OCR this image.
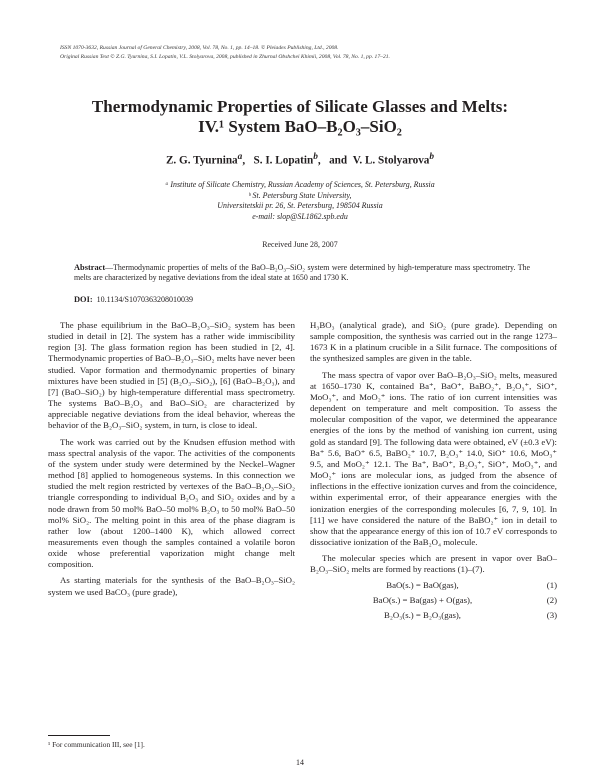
ISSN 1070-3632, Russian Journal of General Chemistry, 2008, Vol. 78, No. 1, pp. 14–18. © Pleiades Publishing, Ltd., 2008.
Original Russian Text © Z.G. Tyurnina, S.I. Lopatin, V.L. Stolyarova, 2008, published in Zhurnal Obshchei Khimii, 2008, Vol. 78, No. 1, pp. 17–21.
Thermodynamic Properties of Silicate Glasses and Melts:
IV.¹ System BaO–B₂O₃–SiO₂
Z. G. Tyurnina$^a$, S. I. Lopatin$^b$, and V. L. Stolyarova$^b$
ᵃ Institute of Silicate Chemistry, Russian Academy of Sciences, St. Petersburg, Russia
ᵇ St. Petersburg State University,
Universitetskii pr. 26, St. Petersburg, 198504 Russia
e-mail: slop@SL1862.spb.edu
Received June 28, 2007
Abstract—Thermodynamic properties of melts of the BaO–B₂O₃–SiO₂ system were determined by high-temperature mass spectrometry. The melts are characterized by negative deviations from the ideal state at 1650 and 1730 K.
DOI: 10.1134/S1070363208010039

The phase equilibrium in the BaO–B₂O₃–SiO₂ system has been studied in detail in [2]. The system has a rather wide immiscibility region [3]. The glass formation region has been studied in [2, 4]. Thermodynamic properties of BaO–B₂O₃–SiO₂ melts have never been studied. Vapor formation and thermodynamic properties of binary mixtures have been studied in [5] (B₂O₃–SiO₂), [6] (BaO–B₂O₃), and [7] (BaO–SiO₂) by high-temperature differential mass spectrometry. The systems BaO–B₂O₃ and BaO–SiO₂ are characterized by appreciable negative deviations from the ideal behavior, whereas the behavior of the B₂O₃–SiO₂ system, in turn, is close to ideal.

The work was carried out by the Knudsen effusion method with mass spectral analysis of the vapor. The activities of the components of the system under study were determined by the Neckel–Wagner method [8] applied to homogeneous systems. In this connection we studied the melt region restricted by vertexes of the BaO–B₂O₃–SiO₂ triangle corresponding to individual B₂O₃ and SiO₂ oxides and by a node drawn from 50 mol% BaO–50 mol% B₂O₃ to 50 mol% BaO–50 mol% SiO₂. The melting point in this area of the phase diagram is rather low (about 1200–1400 K), which allowed correct measurements even though the samples contained a volatile boron oxide whose preferential vaporization might change melt composition.

As starting materials for the synthesis of the BaO–B₂O₃–SiO₂ system we used BaCO₃ (pure grade),

H₃BO₃ (analytical grade), and SiO₂ (pure grade). Depending on sample composition, the synthesis was carried out in the range 1273–1673 K in a platinum crucible in a Silit furnace. The compositions of the synthesized samples are given in the table.

The mass spectra of vapor over BaO–B₂O₃–SiO₂ melts, measured at 1650–1730 K, contained Ba⁺, BaO⁺, BaBO₂⁺, B₂O₃⁺, SiO⁺, MoO₃⁺, and MoO₂⁺ ions. The ratio of ion current intensities was dependent on temperature and melt composition. To assess the molecular composition of the vapor, we determined the appearance energies of the ions by the method of vanishing ion current, using gold as standard [9]. The following data were obtained, eV (±0.3 eV): Ba⁺ 5.6, BaO⁺ 6.5, BaBO₂⁺ 10.7, B₂O₃⁺ 14.0, SiO⁺ 10.6, MoO₃⁺ 9.5, and MoO₂⁺ 12.1. The Ba⁺, BaO⁺, B₂O₃⁺, SiO⁺, MoO₃⁺, and MoO₂⁺ ions are molecular ions, as judged from the absence of inflections in the effective ionization curves and from the coincidence, within experimental error, of their appearance energies with the ionization energies of the corresponding molecules [6, 7, 9, 10]. In [11] we have considered the nature of the BaBO₂⁺ ion in detail to show that the appearance energy of this ion of 10.7 eV corresponds to dissociative ionization of the BaB₂O₄ molecule.

The molecular species which are present in vapor over BaO–B₂O₃–SiO₂ melts are formed by reactions (1)–(7).

BaO(s.) = BaO(gas),	(1)
BaO(s.) = Ba(gas) + O(gas),	(2)
B₂O₃(s.) = B₂O₃(gas),	(3)
¹ For communication III, see [1].
14
